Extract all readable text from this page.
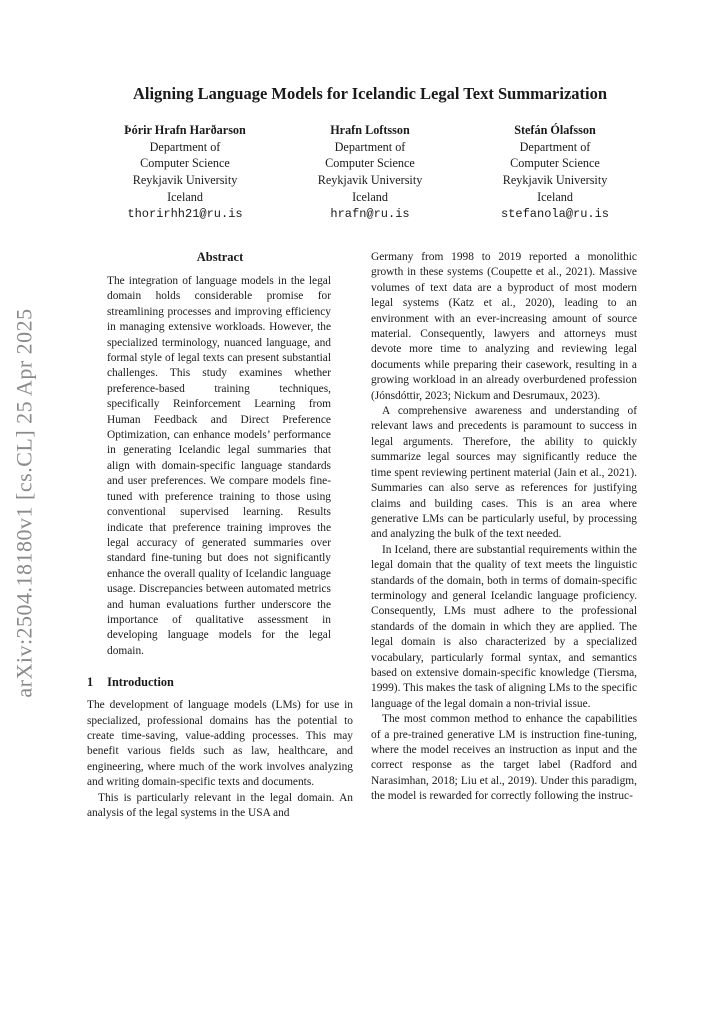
arXiv:2504.18180v1 [cs.CL] 25 Apr 2025
Aligning Language Models for Icelandic Legal Text Summarization
Þórir Hrafn Harðarson
Department of
Computer Science
Reykjavik University
Iceland
thorirhh21@ru.is
Hrafn Loftsson
Department of
Computer Science
Reykjavik University
Iceland
hrafn@ru.is
Stefán Ólafsson
Department of
Computer Science
Reykjavik University
Iceland
stefanola@ru.is
Abstract

The integration of language models in the legal domain holds considerable promise for streamlining processes and improving efficiency in managing extensive workloads. However, the specialized terminology, nuanced language, and formal style of legal texts can present substantial challenges. This study examines whether preference-based training techniques, specifically Reinforcement Learning from Human Feedback and Direct Preference Optimization, can enhance models’ performance in generating Icelandic legal summaries that align with domain-specific language standards and user preferences. We compare models fine-tuned with preference training to those using conventional supervised learning. Results indicate that preference training improves the legal accuracy of generated summaries over standard fine-tuning but does not significantly enhance the overall quality of Icelandic language usage. Discrepancies between automated metrics and human evaluations further underscore the importance of qualitative assessment in developing language models for the legal domain.

1 Introduction

The development of language models (LMs) for use in specialized, professional domains has the potential to create time-saving, value-adding processes. This may benefit various fields such as law, healthcare, and engineering, where much of the work involves analyzing and writing domain-specific texts and documents.

This is particularly relevant in the legal domain. An analysis of the legal systems in the USA and

Germany from 1998 to 2019 reported a monolithic growth in these systems (Coupette et al., 2021). Massive volumes of text data are a byproduct of most modern legal systems (Katz et al., 2020), leading to an environment with an ever-increasing amount of source material. Consequently, lawyers and attorneys must devote more time to analyzing and reviewing legal documents while preparing their casework, resulting in a growing workload in an already overburdened profession (Jónsdóttir, 2023; Nickum and Desrumaux, 2023).

A comprehensive awareness and understanding of relevant laws and precedents is paramount to success in legal arguments. Therefore, the ability to quickly summarize legal sources may significantly reduce the time spent reviewing pertinent material (Jain et al., 2021). Summaries can also serve as references for justifying claims and building cases. This is an area where generative LMs can be particularly useful, by processing and analyzing the bulk of the text needed.

In Iceland, there are substantial requirements within the legal domain that the quality of text meets the linguistic standards of the domain, both in terms of domain-specific terminology and general Icelandic language proficiency. Consequently, LMs must adhere to the professional standards of the domain in which they are applied. The legal domain is also characterized by a specialized vocabulary, particularly formal syntax, and semantics based on extensive domain-specific knowledge (Tiersma, 1999). This makes the task of aligning LMs to the specific language of the legal domain a non-trivial issue.

The most common method to enhance the capabilities of a pre-trained generative LM is instruction fine-tuning, where the model receives an instruction as input and the correct response as the target label (Radford and Narasimhan, 2018; Liu et al., 2019). Under this paradigm, the model is rewarded for correctly following the instruc-
